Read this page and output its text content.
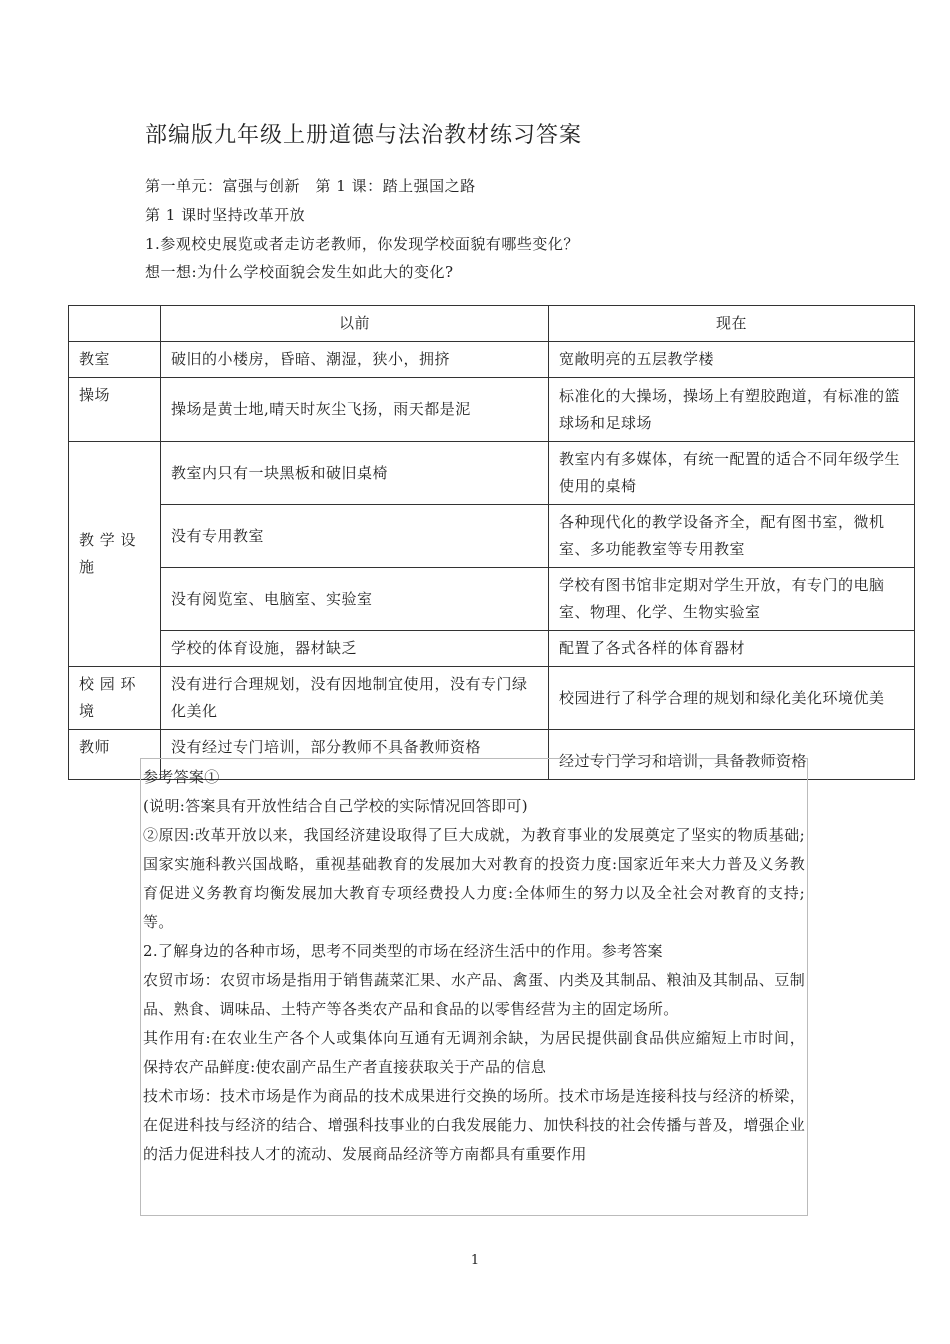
部编版九年级上册道德与法治教材练习答案
第一单元：富强与创新　第 1 课：踏上强国之路
第 1 课时坚持改革开放
1.参观校史展览或者走访老教师，你发现学校面貌有哪些变化？
想一想:为什么学校面貌会发生如此大的变化?
	以前	现在
教室	破旧的小楼房，昏暗、潮湿，狭小，拥挤	宽敞明亮的五层教学楼
操场	操场是黄士地,晴天时灰尘飞扬，雨天都是泥	标准化的大操场，操场上有塑胶跑道，有标准的篮球场和足球场
教 学 设 施	教室内只有一块黑板和破旧桌椅	教室内有多媒体，有统一配置的适合不同年级学生使用的桌椅
	没有专用教室	各种现代化的教学设备齐全，配有图书室，微机室、多功能教室等专用教室
	没有阅览室、电脑室、实验室	学校有图书馆非定期对学生开放，有专门的电脑室、物理、化学、生物实验室
	学校的体育设施，器材缺乏	配置了各式各样的体育器材
校 园 环 境	没有进行合理规划，没有因地制宜使用，没有专门绿化美化	校园进行了科学合理的规划和绿化美化环境优美
教师	没有经过专门培训，部分教师不具备教师资格	经过专门学习和培训，具备教师资格

参考答案①

(说明:答案具有开放性结合自己学校的实际情况回答即可)

②原因:改革开放以来，我国经济建设取得了巨大成就，为教育事业的发展奠定了坚实的物质基础;国家实施科教兴国战略，重视基础教育的发展加大对教育的投资力度:国家近年来大力普及义务教育促进义务教育均衡发展加大教育专项经费投人力度:全体师生的努力以及全社会对教育的支持;等。

2.了解身边的各种市场，思考不同类型的市场在经济生活中的作用。参考答案

农贸市场：农贸市场是指用于销售蔬菜汇果、水产品、禽蛋、内类及其制品、粮油及其制品、豆制品、熟食、调味品、土特产等各类农产品和食品的以零售经营为主的固定场所。

其作用有:在农业生产各个人或集体向互通有无调剂余缺，为居民提供副食品供应縮短上市时间，保持农产品鲜度:使农副产品生产者直接获取关于产品的信息

技术市场：技术市场是作为商品的技术成果进行交换的场所。技术市场是连接科技与经济的桥梁，在促进科技与经济的结合、增强科技事业的白我发展能力、加快科技的社会传播与普及，增强企业的活力促进科技人才的流动、发展商品经济等方南都具有重要作用

1
